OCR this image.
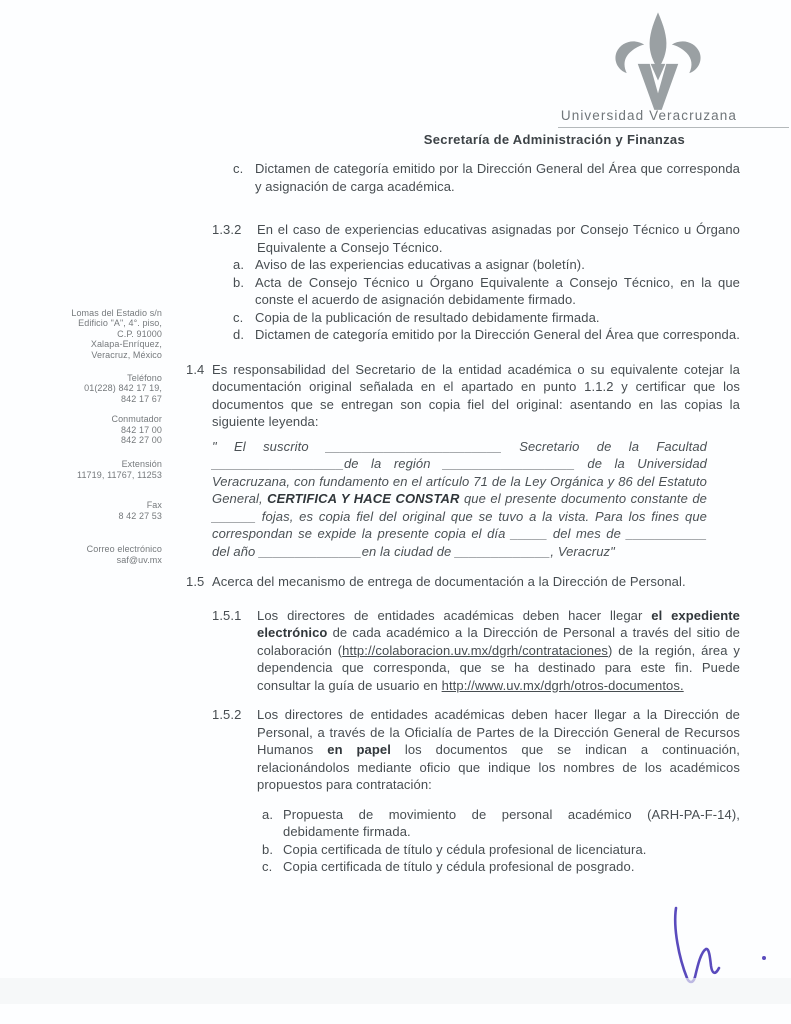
Universidad Veracruzana
Secretaría de Administración y Finanzas
Lomas del Estadio s/n
Edificio "A", 4°. piso,
C.P. 91000
Xalapa-Enríquez,
Veracruz, México
Teléfono
01(228) 842 17 19,
842 17 67
Conmutador
842 17 00
842 27 00
Extensión
11719, 11767, 11253
Fax
8 42 27 53
Correo electrónico
saf@uv.mx
c. Dictamen de categoría emitido por la Dirección General del Área que corresponda y asignación de carga académica.
1.3.2	En el caso de experiencias educativas asignadas por Consejo Técnico u Órgano Equivalente a Consejo Técnico.
a. Aviso de las experiencias educativas a asignar (boletín).
b. Acta de Consejo Técnico u Órgano Equivalente a Consejo Técnico, en la que conste el acuerdo de asignación debidamente firmado.
c. Copia de la publicación de resultado debidamente firmada.
d. Dictamen de categoría emitido por la Dirección General del Área que corresponda.
1.4 Es responsabilidad del Secretario de la entidad académica o su equivalente cotejar la documentación original señalada en el apartado en punto 1.1.2 y certificar que los documentos que se entregan son copia fiel del original: asentando en las copias la siguiente leyenda:
" El suscrito ________________________ Secretario de la Facultad __________________de la región __________________ de la Universidad Veracruzana, con fundamento en el artículo 71 de la Ley Orgánica y 86 del Estatuto General, CERTIFICA Y HACE CONSTAR que el presente documento constante de ______ fojas, es copia fiel del original que se tuvo a la vista. Para los fines que correspondan se expide la presente copia el día _____ del mes de ___________ del año ______________en la ciudad de _____________, Veracruz"
1.5 Acerca del mecanismo de entrega de documentación a la Dirección de Personal.
1.5.1	Los directores de entidades académicas deben hacer llegar el expediente electrónico de cada académico a la Dirección de Personal a través del sitio de colaboración (http://colaboracion.uv.mx/dgrh/contrataciones) de la región, área y dependencia que corresponda, que se ha destinado para este fin. Puede consultar la guía de usuario en http://www.uv.mx/dgrh/otros-documentos.
1.5.2	Los directores de entidades académicas deben hacer llegar a la Dirección de Personal, a través de la Oficialía de Partes de la Dirección General de Recursos Humanos en papel los documentos que se indican a continuación, relacionándolos mediante oficio que indique los nombres de los académicos propuestos para contratación:
a. Propuesta de movimiento de personal académico (ARH-PA-F-14), debidamente firmada.
b. Copia certificada de título y cédula profesional de licenciatura.
c. Copia certificada de título y cédula profesional de posgrado.
